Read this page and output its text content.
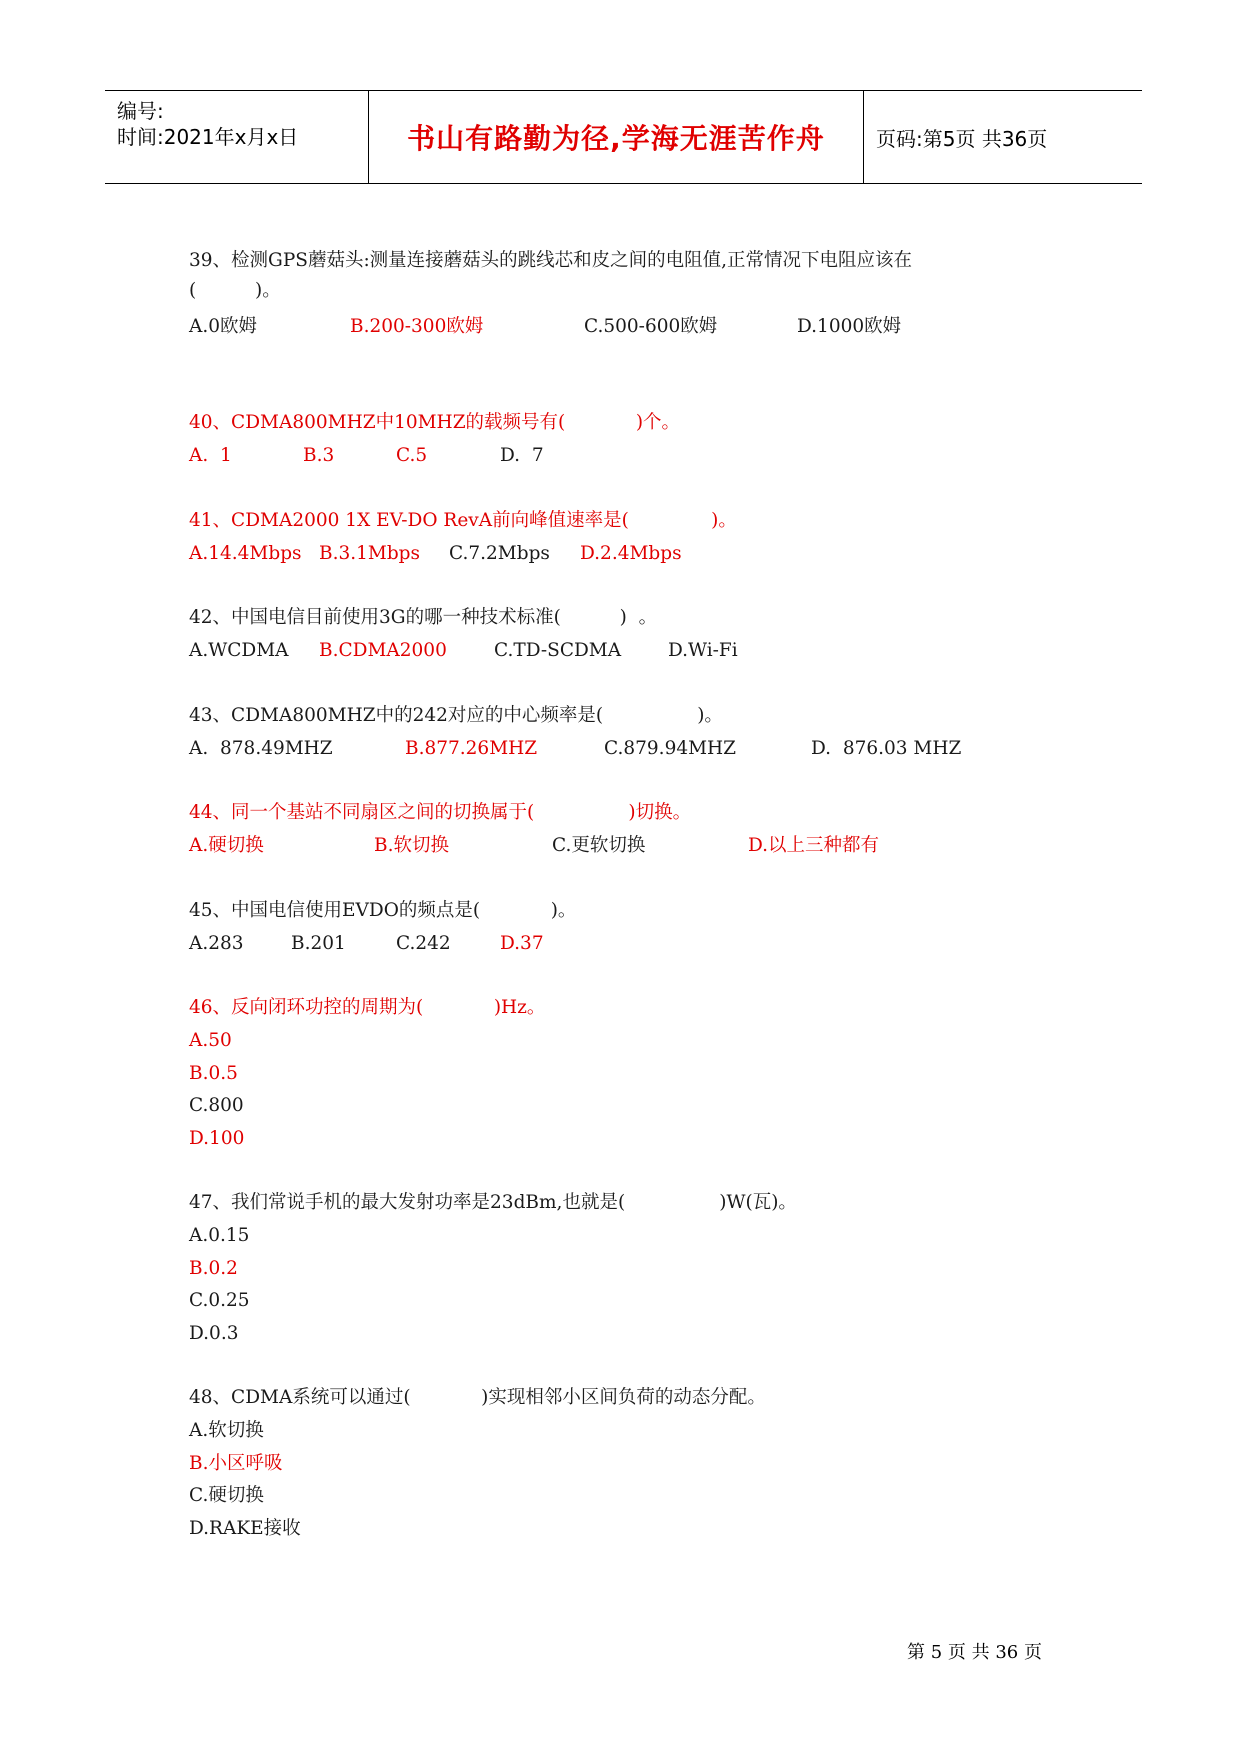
编号:
时间:2021年x月x日	书山有路勤为径,学海无涯苦作舟	页码:第5页 共36页
39、检测GPS蘑菇头:测量连接蘑菇头的跳线芯和皮之间的电阻值,正常情况下电阻应该在
(          )。
A.0欧姆	B.200-300欧姆	C.500-600欧姆	D.1000欧姆
40、CDMA800MHZ中10MHZ的载频号有(            )个。
A.  1	B.3	C.5	D.  7
41、CDMA2000 1X EV-DO RevA前向峰值速率是(              )。
A.14.4Mbps B.3.1Mbps C.7.2Mbps D.2.4Mbps
42、中国电信目前使用3G的哪一种技术标准(          )  。
A.WCDMA B.CDMA2000	C.TD-SCDMA	D.Wi-Fi
43、CDMA800MHZ中的242对应的中心频率是(                )。
A.  878.49MHZ	B.877.26MHZ	C.879.94MHZ	D.  876.03 MHZ
44、同一个基站不同扇区之间的切换属于(                )切换。
A.硬切换	B.软切换	C.更软切换	D.以上三种都有
45、中国电信使用EVDO的频点是(            )。
A.283	B.201	C.242	D.37
46、反向闭环功控的周期为(            )Hz。
A.50
B.0.5
C.800
D.100
47、我们常说手机的最大发射功率是23dBm,也就是(                )W(瓦)。
A.0.15
B.0.2
C.0.25
D.0.3
48、CDMA系统可以通过(            )实现相邻小区间负荷的动态分配。
A.软切换
B.小区呼吸
C.硬切换
D.RAKE接收
第 5 页 共 36 页
